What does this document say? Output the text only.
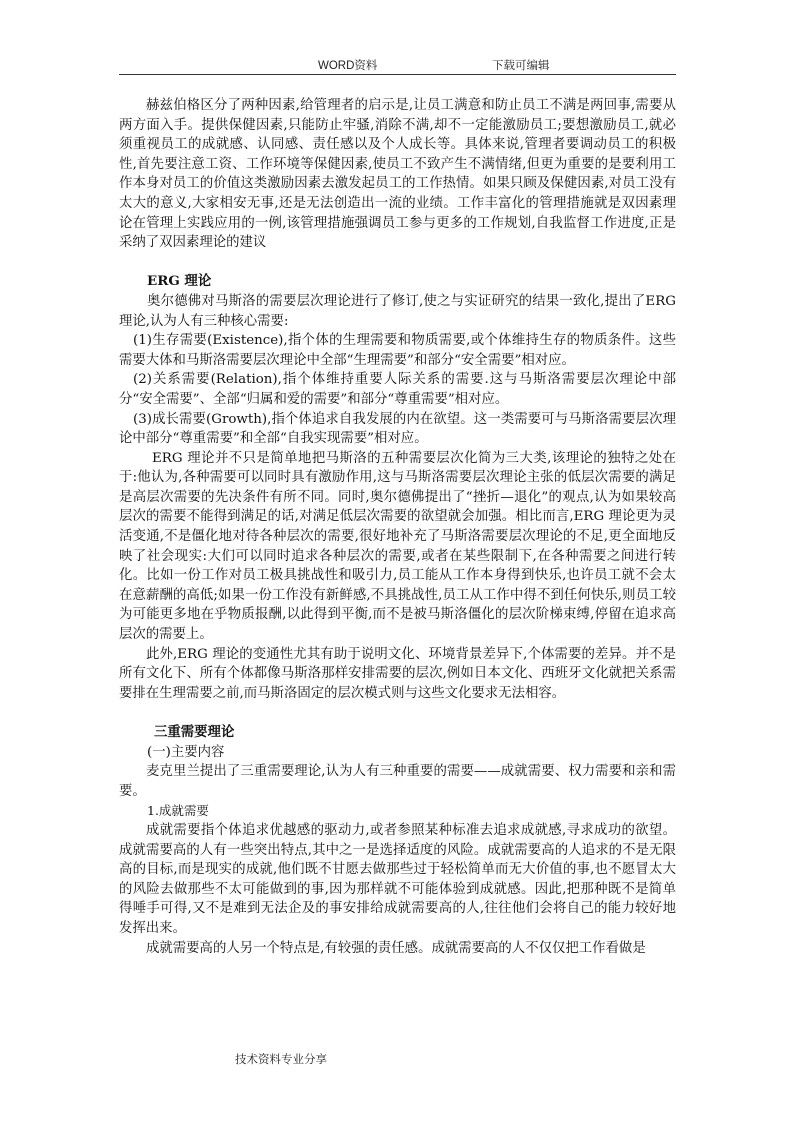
WORD资料	下载可编辑

赫兹伯格区分了两种因素,给管理者的启示是,让员工满意和防止员工不满是两回事,需要从两方面入手。提供保健因素,只能防止牢骚,消除不满,却不一定能激励员工;要想激励员工,就必须重视员工的成就感、认同感、责任感以及个人成长等。具体来说,管理者要调动员工的积极性,首先要注意工资、工作环境等保健因素,使员工不致产生不满情绪,但更为重要的是要利用工作本身对员工的价值这类激励因素去激发起员工的工作热情。如果只顾及保健因素,对员工没有太大的意义,大家相安无事,还是无法创造出一流的业绩。工作丰富化的管理措施就是双因素理论在管理上实践应用的一例,该管理措施强调员工参与更多的工作规划,自我监督工作进度,正是采纳了双因素理论的建议

ERG 理论

奥尔德佛对马斯洛的需要层次理论进行了修订,使之与实证研究的结果一致化,提出了ERG 理论,认为人有三种核心需要:

(1)生存需要(Existence),指个体的生理需要和物质需要,或个体维持生存的物质条件。这些需要大体和马斯洛需要层次理论中全部“生理需要”和部分“安全需要”相对应。

(2)关系需要(Relation),指个体维持重要人际关系的需要.这与马斯洛需要层次理论中部分“安全需要”、全部“归属和爱的需要”和部分“尊重需要”相对应。

(3)成长需要(Growth),指个体追求自我发展的内在欲望。这一类需要可与马斯洛需要层次理论中部分“尊重需要”和全部“自我实现需要”相对应。

ERG 理论并不只是简单地把马斯洛的五种需要层次化简为三大类,该理论的独特之处在于:他认为,各种需要可以同时具有激励作用,这与马斯洛需要层次理论主张的低层次需要的满足是高层次需要的先决条件有所不同。同时,奥尔德佛提出了“挫折—退化”的观点,认为如果较高层次的需要不能得到满足的话,对满足低层次需要的欲望就会加强。相比而言,ERG 理论更为灵活变通,不是僵化地对待各种层次的需要,很好地补充了马斯洛需要层次理论的不足,更全面地反映了社会现实:大们可以同时追求各种层次的需要,或者在某些限制下,在各种需要之间进行转化。比如一份工作对员工极具挑战性和吸引力,员工能从工作本身得到快乐,也许员工就不会太在意薪酬的高低;如果一份工作没有新鲜感,不具挑战性,员工从工作中得不到任何快乐,则员工较为可能更多地在乎物质报酬,以此得到平衡,而不是被马斯洛僵化的层次阶梯束缚,停留在追求高层次的需要上。

此外,ERG 理论的变通性尤其有助于说明文化、环境背景差异下,个体需要的差异。并不是所有文化下、所有个体都像马斯洛那样安排需要的层次,例如日本文化、西班牙文化就把关系需要排在生理需要之前,而马斯洛固定的层次模式则与这些文化要求无法相容。

三重需要理论

(一)主要内容

麦克里兰提出了三重需要理论,认为人有三种重要的需要——成就需要、权力需要和亲和需要。

1.成就需要

成就需要指个体追求优越感的驱动力,或者参照某种标准去追求成就感,寻求成功的欲望。成就需要高的人有一些突出特点,其中之一是选择适度的风险。成就需要高的人追求的不是无限高的目标,而是现实的成就,他们既不甘愿去做那些过于轻松简单而无大价值的事,也不愿冒太大的风险去做那些不太可能做到的事,因为那样就不可能体验到成就感。因此,把那种既不是简单得唾手可得,又不是难到无法企及的事安排给成就需要高的人,往往他们会将自己的能力较好地发挥出来。

成就需要高的人另一个特点是,有较强的责任感。成就需要高的人不仅仅把工作看做是

技术资料专业分享
